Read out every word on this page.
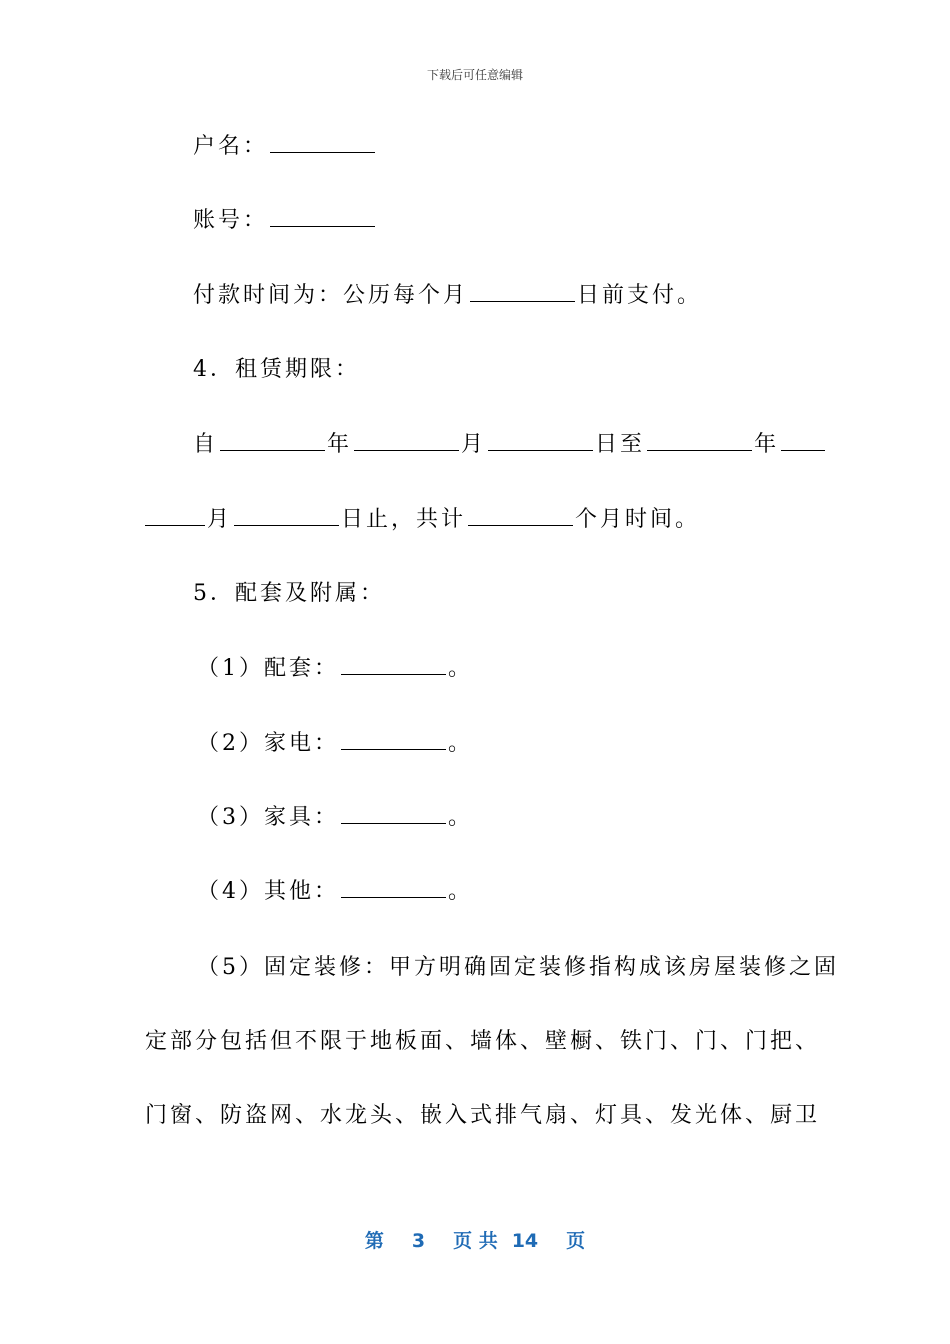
下载后可任意编辑
户名：
账号：
付款时间为：公历每个月	日前支付。
4．租赁期限：
自	年	月	日至	年
月	日止，共计	个月时间。
5．配套及附属：
（1）配套：	。
（2）家电：	。
（3）家具：	。
（4）其他：	。
（5）固定装修：甲方明确固定装修指构成该房屋装修之固
定部分包括但不限于地板面、墙体、壁橱、铁门、门、门把、
门窗、防盗网、水龙头、嵌入式排气扇、灯具、发光体、厨卫
第 3 页 共 14 页
